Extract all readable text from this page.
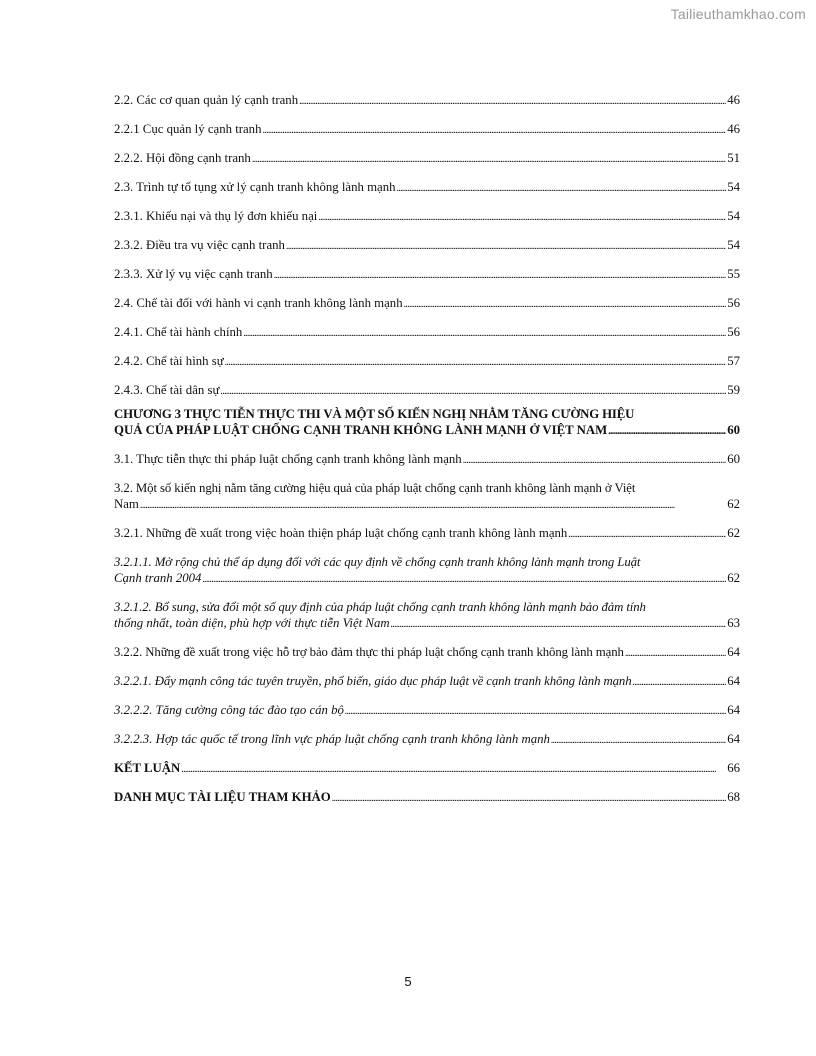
Tailieuthamkhao.com
2.2. Các cơ quan quản lý cạnh tranh . . .	46
2.2.1 Cục quản lý cạnh tranh . . .	46
2.2.2. Hội đồng cạnh tranh . . .	51
2.3. Trình tự tố tụng xử lý cạnh tranh không lành mạnh . . .	54
2.3.1. Khiếu nại và thụ lý đơn khiếu nại . . .	54
2.3.2. Điều tra vụ việc cạnh tranh . . .	54
2.3.3. Xử lý vụ việc cạnh tranh . . .	55
2.4. Chế tài đối với hành vi cạnh tranh không lành mạnh . . .	56
2.4.1. Chế tài hành chính . . .	56
2.4.2. Chế tài hình sự . . .	57
2.4.3. Chế tài dân sự . . .	59
CHƯƠNG 3 THỰC TIỄN THỰC THI VÀ MỘT SỐ KIẾN NGHỊ NHẰM TĂNG CƯỜNG HIỆU
QUẢ CỦA PHÁP LUẬT CHỐNG CẠNH TRANH KHÔNG LÀNH MẠNH Ở VIỆT NAM . . .	60
3.1. Thực tiễn thực thi pháp luật chống cạnh tranh không lành mạnh . . .	60
3.2. Một số kiến nghị nằm tăng cường hiệu quả của pháp luật chống cạnh tranh không lành mạnh ở Việt
Nam . . .	62
3.2.1. Những đề xuất trong việc hoàn thiện pháp luật chống cạnh tranh không lành mạnh . . .	62
3.2.1.1. Mở rộng chủ thể áp dụng đối với các quy định về chống cạnh tranh không lành mạnh trong Luật
Cạnh tranh 2004 . . .	62
3.2.1.2. Bổ sung, sửa đổi một số quy định của pháp luật chống cạnh tranh không lành mạnh bảo đảm tính
thống nhất, toàn diện, phù hợp với thực tiễn Việt Nam . . .	63
3.2.2. Những đề xuất trong việc hỗ trợ bảo đảm thực thi pháp luật chống cạnh tranh không lành mạnh . . .	64
3.2.2.1. Đẩy mạnh công tác tuyên truyền, phổ biến, giáo dục pháp luật về cạnh tranh không lành mạnh . . .	64
3.2.2.2. Tăng cường công tác đào tạo cán bộ . . .	64
3.2.2.3. Hợp tác quốc tế trong lĩnh vực pháp luật chống cạnh tranh không lành mạnh . . .	64
KẾT LUẬN . . .	66
DANH MỤC TÀI LIỆU THAM KHẢO . . .	68
5
